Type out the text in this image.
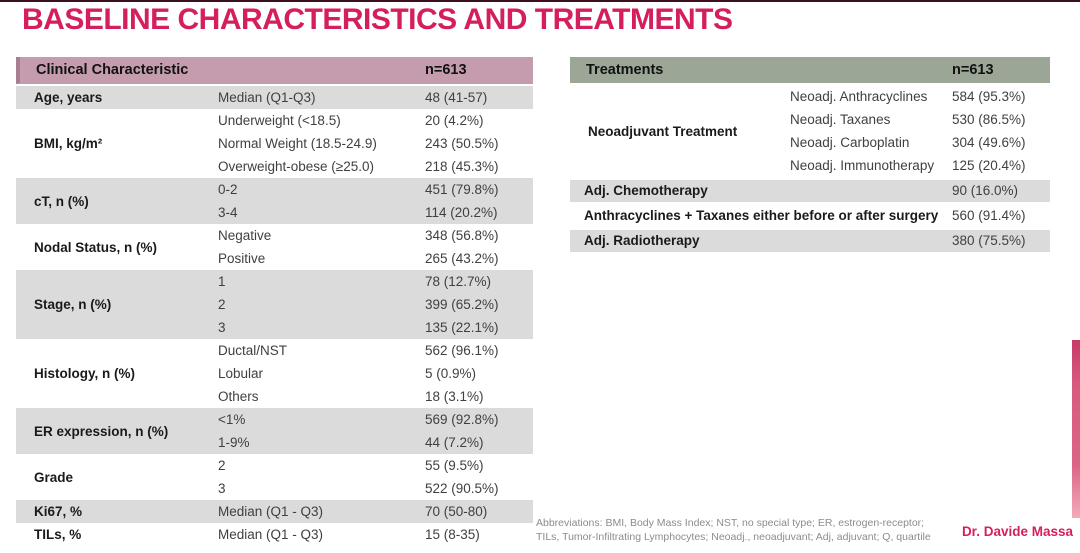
BASELINE CHARACTERISTICS AND TREATMENTS
Clinical Characteristic	n=613
Age, years	Median (Q1-Q3)	48 (41-57)
BMI, kg/m²
Underweight (<18.5)	20 (4.2%)
Normal Weight (18.5-24.9)	243 (50.5%)
Overweight-obese (≥25.0)	218 (45.3%)
cT, n (%)
0-2	451 (79.8%)
3-4	114 (20.2%)
Nodal Status, n (%)
Negative	348 (56.8%)
Positive	265 (43.2%)
Stage, n (%)
1	78 (12.7%)
2	399 (65.2%)
3	135 (22.1%)
Histology, n (%)
Ductal/NST	562 (96.1%)
Lobular	5 (0.9%)
Others	18 (3.1%)
ER expression, n (%)
<1%	569 (92.8%)
1-9%	44 (7.2%)
Grade
2	55 (9.5%)
3	522 (90.5%)
Ki67, %	Median (Q1 - Q3)	70 (50-80)
TILs, %	Median (Q1 - Q3)	15 (8-35)
Treatments	n=613
Neoadjuvant Treatment
Neoadj. Anthracyclines	584 (95.3%)
Neoadj. Taxanes	530 (86.5%)
Neoadj. Carboplatin	304 (49.6%)
Neoadj. Immunotherapy	125 (20.4%)
Adj. Chemotherapy	90 (16.0%)
Anthracyclines + Taxanes either before or after surgery	560 (91.4%)
Adj. Radiotherapy	380 (75.5%)
Abbreviations: BMI, Body Mass Index; NST, no special type; ER, estrogen-receptor;
TILs, Tumor-Infiltrating Lymphocytes; Neoadj., neoadjuvant; Adj, adjuvant; Q, quartile	Dr. Davide Massa
